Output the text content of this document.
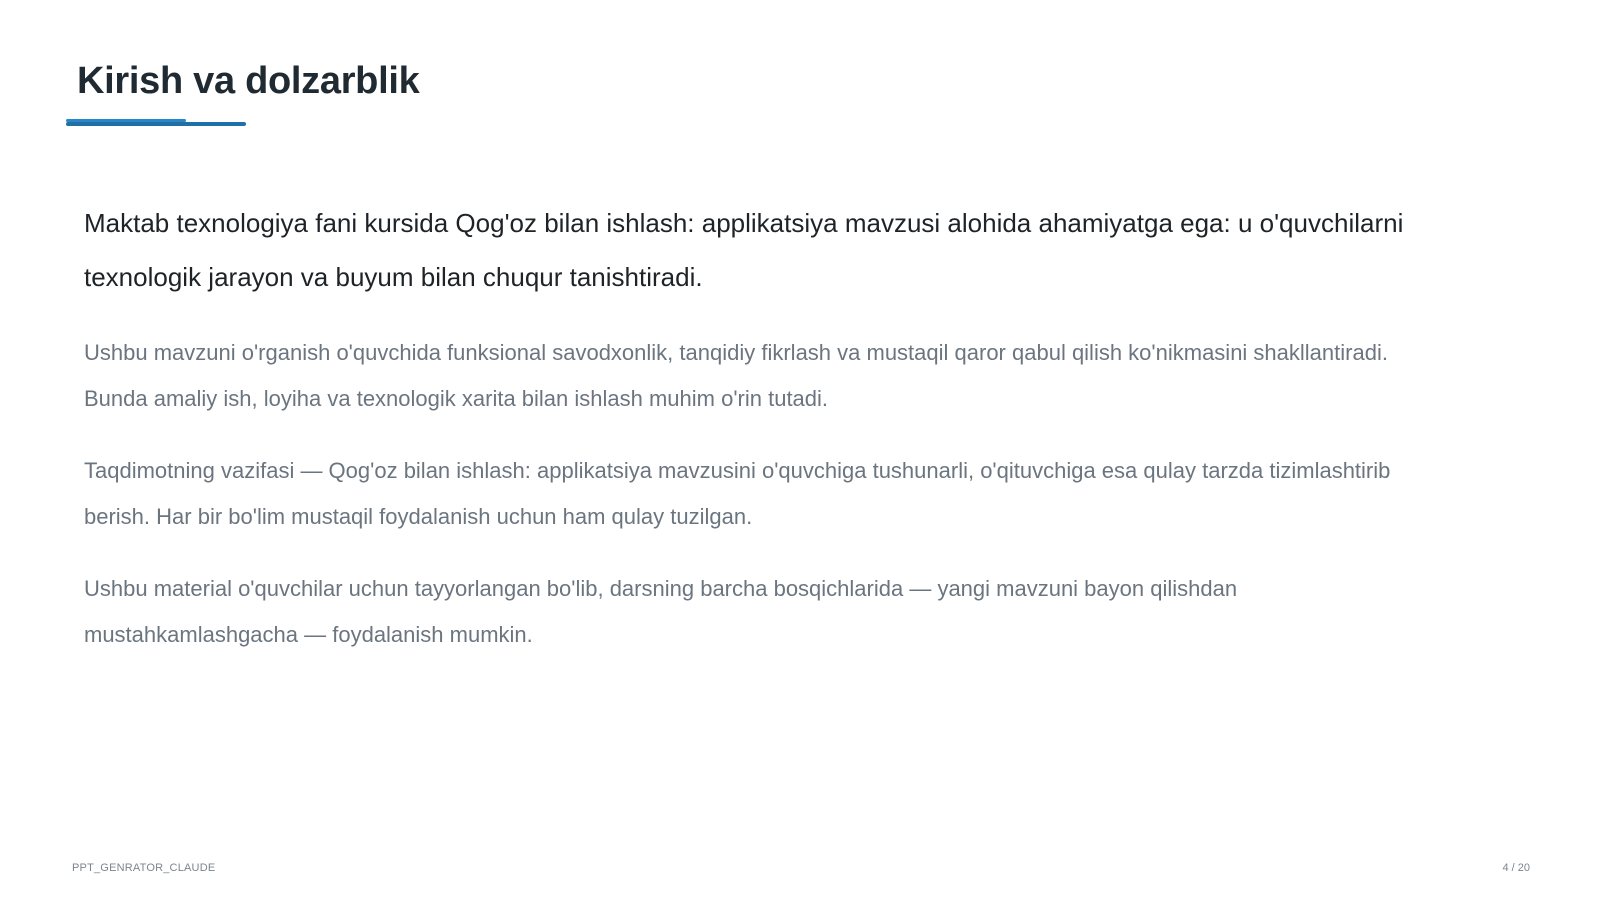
Kirish va dolzarblik

Maktab texnologiya fani kursida Qog'oz bilan ishlash: applikatsiya mavzusi alohida ahamiyatga ega: u o'quvchilarni texnologik jarayon va buyum bilan chuqur tanishtiradi.

Ushbu mavzuni o'rganish o'quvchida funksional savodxonlik, tanqidiy fikrlash va mustaqil qaror qabul qilish ko'nikmasini shakllantiradi. Bunda amaliy ish, loyiha va texnologik xarita bilan ishlash muhim o'rin tutadi.

Taqdimotning vazifasi — Qog'oz bilan ishlash: applikatsiya mavzusini o'quvchiga tushunarli, o'qituvchiga esa qulay tarzda tizimlashtirib berish. Har bir bo'lim mustaqil foydalanish uchun ham qulay tuzilgan.

Ushbu material o'quvchilar uchun tayyorlangan bo'lib, darsning barcha bosqichlarida — yangi mavzuni bayon qilishdan mustahkamlashgacha — foydalanish mumkin.

PPT_GENRATOR_CLAUDE	4 / 20
